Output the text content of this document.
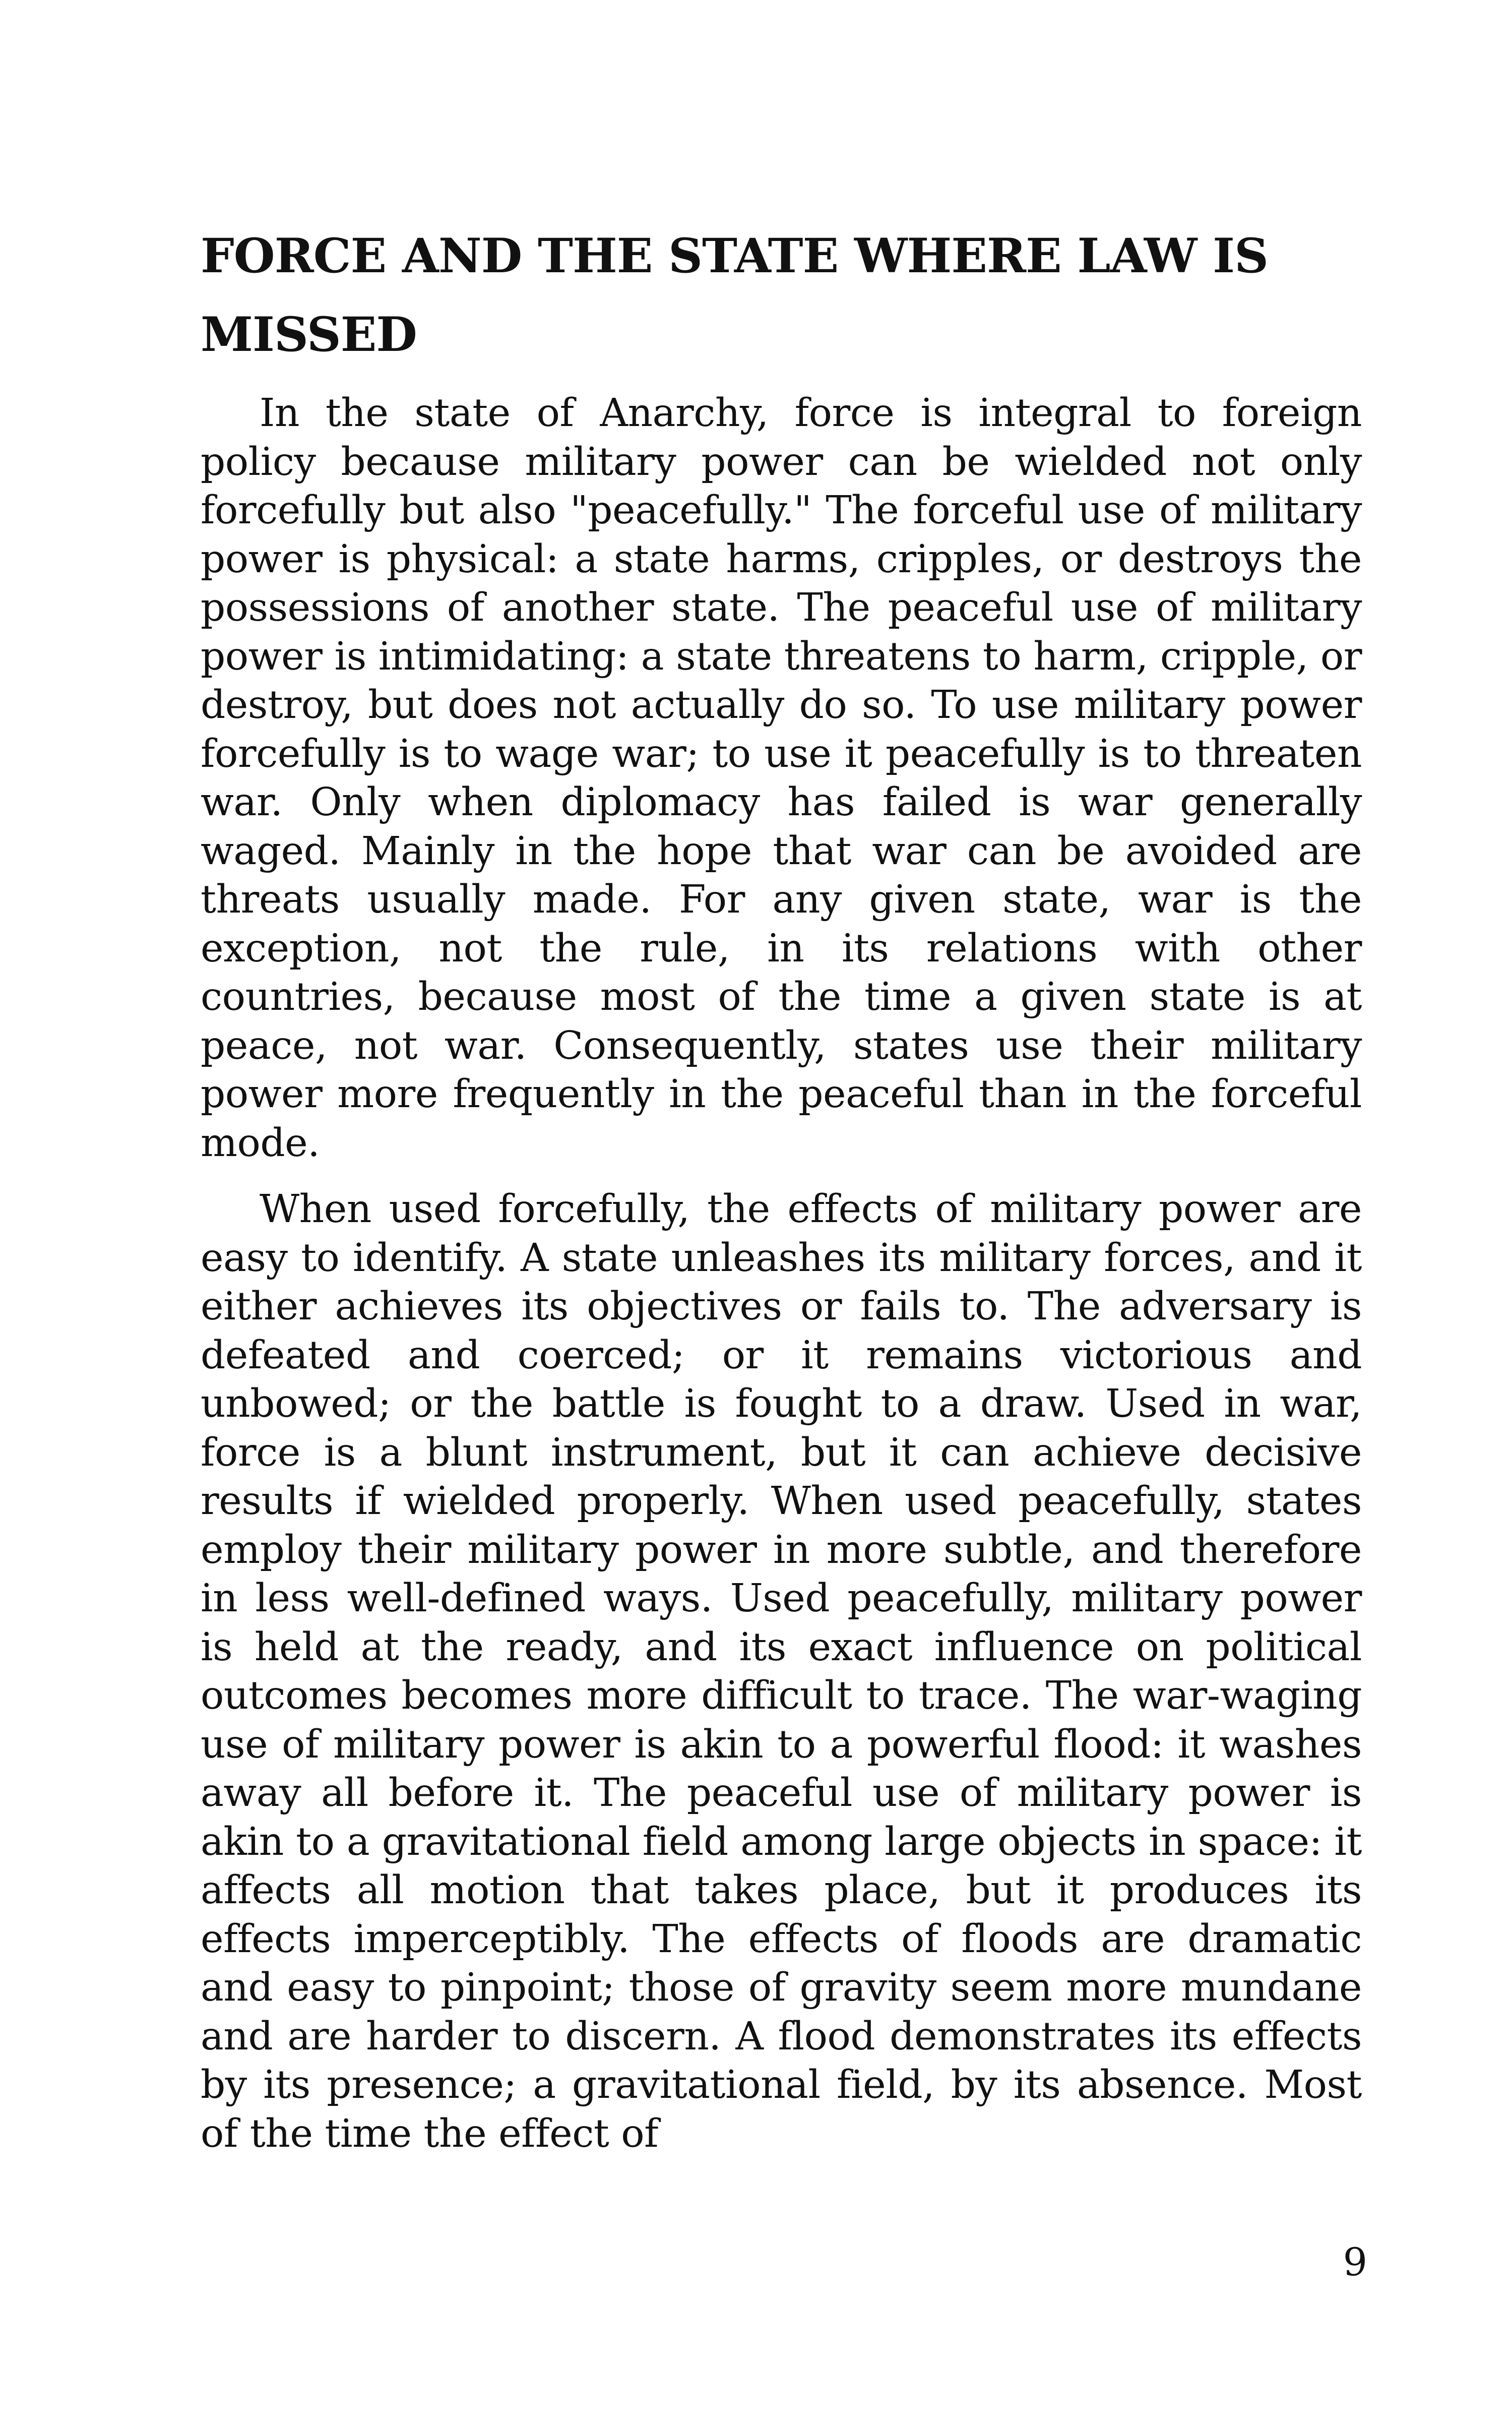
FORCE AND THE STATE WHERE LAW IS MISSED

In the state of Anarchy, force is integral to foreign policy because military power can be wielded not only forcefully but also "peacefully." The forceful use of military power is physical: a state harms, cripples, or destroys the possessions of another state. The peaceful use of military power is intimidating: a state threatens to harm, cripple, or destroy, but does not actually do so. To use military power forcefully is to wage war; to use it peacefully is to threaten war. Only when diplomacy has failed is war generally waged. Mainly in the hope that war can be avoided are threats usually made. For any given state, war is the exception, not the rule, in its relations with other countries, because most of the time a given state is at peace, not war. Consequently, states use their military power more frequently in the peaceful than in the forceful mode.

When used forcefully, the effects of military power are easy to identify. A state unleashes its military forces, and it either achieves its objectives or fails to. The adversary is defeated and coerced; or it remains victorious and unbowed; or the battle is fought to a draw. Used in war, force is a blunt instrument, but it can achieve decisive results if wielded properly. When used peacefully, states employ their military power in more subtle, and therefore in less well-defined ways. Used peacefully, military power is held at the ready, and its exact influence on political outcomes becomes more difficult to trace. The war-waging use of military power is akin to a powerful flood: it washes away all before it. The peaceful use of military power is akin to a gravitational field among large objects in space: it affects all motion that takes place, but it produces its effects imperceptibly. The effects of floods are dramatic and easy to pinpoint; those of gravity seem more mundane and are harder to discern. A flood demonstrates its effects by its presence; a gravitational field, by its absence. Most of the time the effect of

9
